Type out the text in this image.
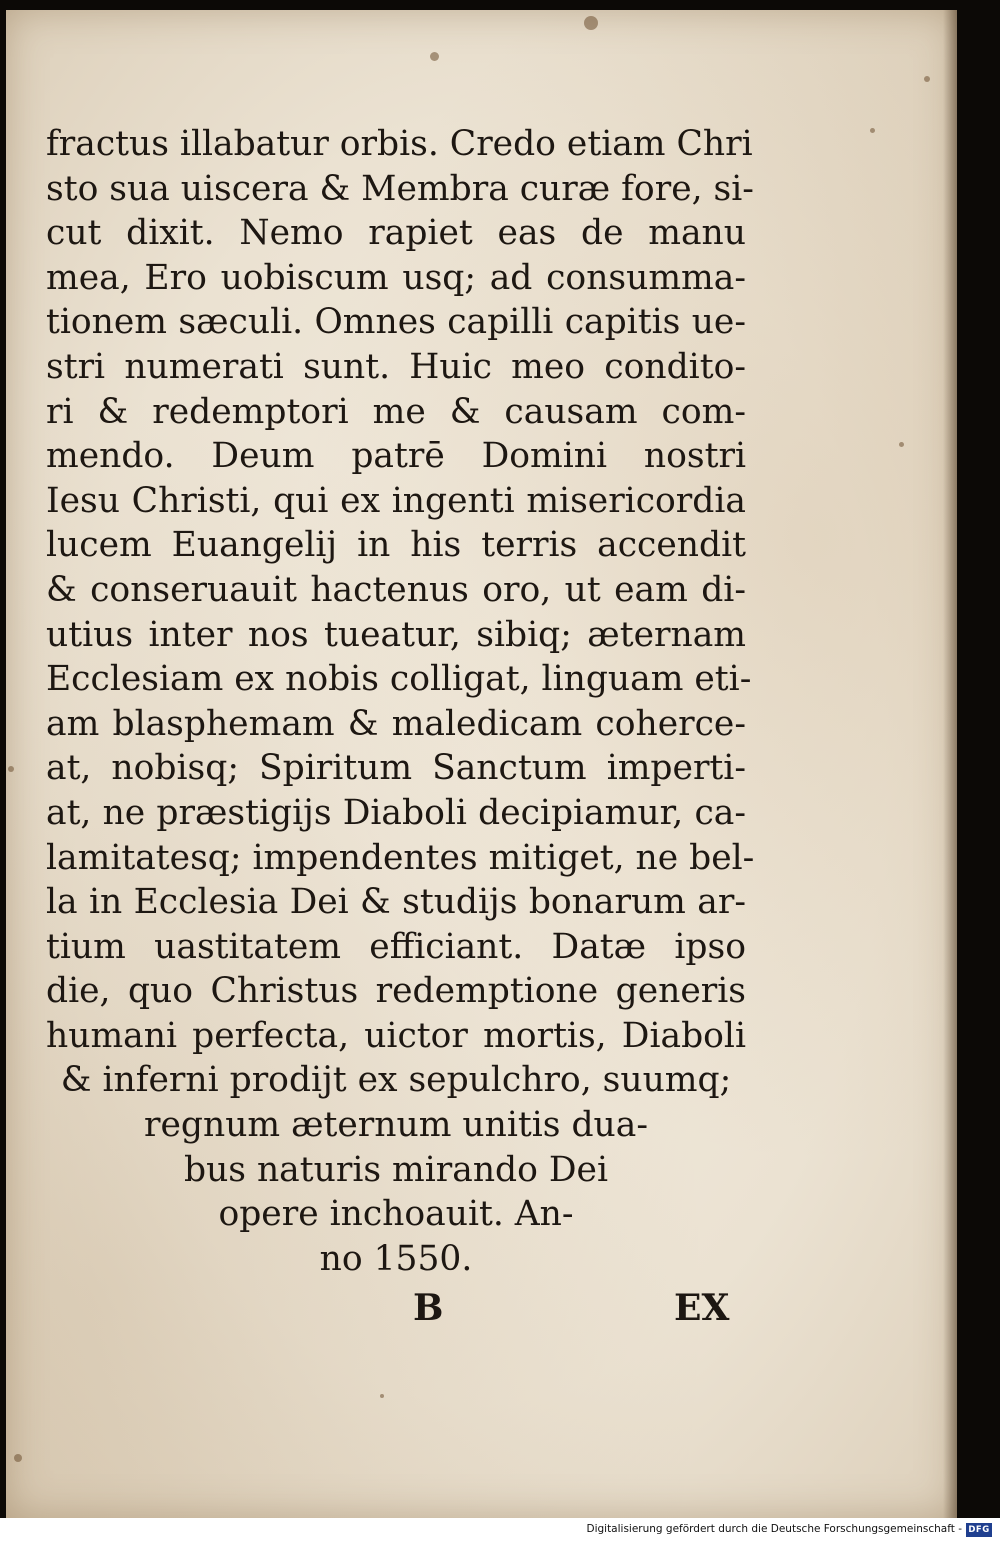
fractus illabatur orbis. Credo etiam Chri
sto sua uiscera & Membra curæ fore, si-
cut dixit. Nemo rapiet eas de manu
mea, Ero uobiscum usq; ad consumma-
tionem sæculi. Omnes capilli capitis ue-
stri numerati sunt. Huic meo condito-
ri & redemptori me & causam com-
mendo. Deum patrē Domini nostri
Iesu Christi, qui ex ingenti misericordia
lucem Euangelij in his terris accendit
& conseruauit hactenus oro, ut eam di-
utius inter nos tueatur, sibiq; æternam
Ecclesiam ex nobis colligat, linguam eti-
am blasphemam & maledicam coherce-
at, nobisq; Spiritum Sanctum imperti-
at, ne præstigijs Diaboli decipiamur, ca-
lamitatesq; impendentes mitiget, ne bel-
la in Ecclesia Dei & studijs bonarum ar-
tium uastitatem efficiant. Datæ ipso
die, quo Christus redemptione generis
humani perfecta, uictor mortis, Diaboli
& inferni prodijt ex sepulchro, suumq;
regnum æternum unitis dua-
bus naturis mirando Dei
opere inchoauit. An-
no 1550.
B	EX
Digitalisierung gefördert durch die Deutsche Forschungsgemeinschaft - DFG
